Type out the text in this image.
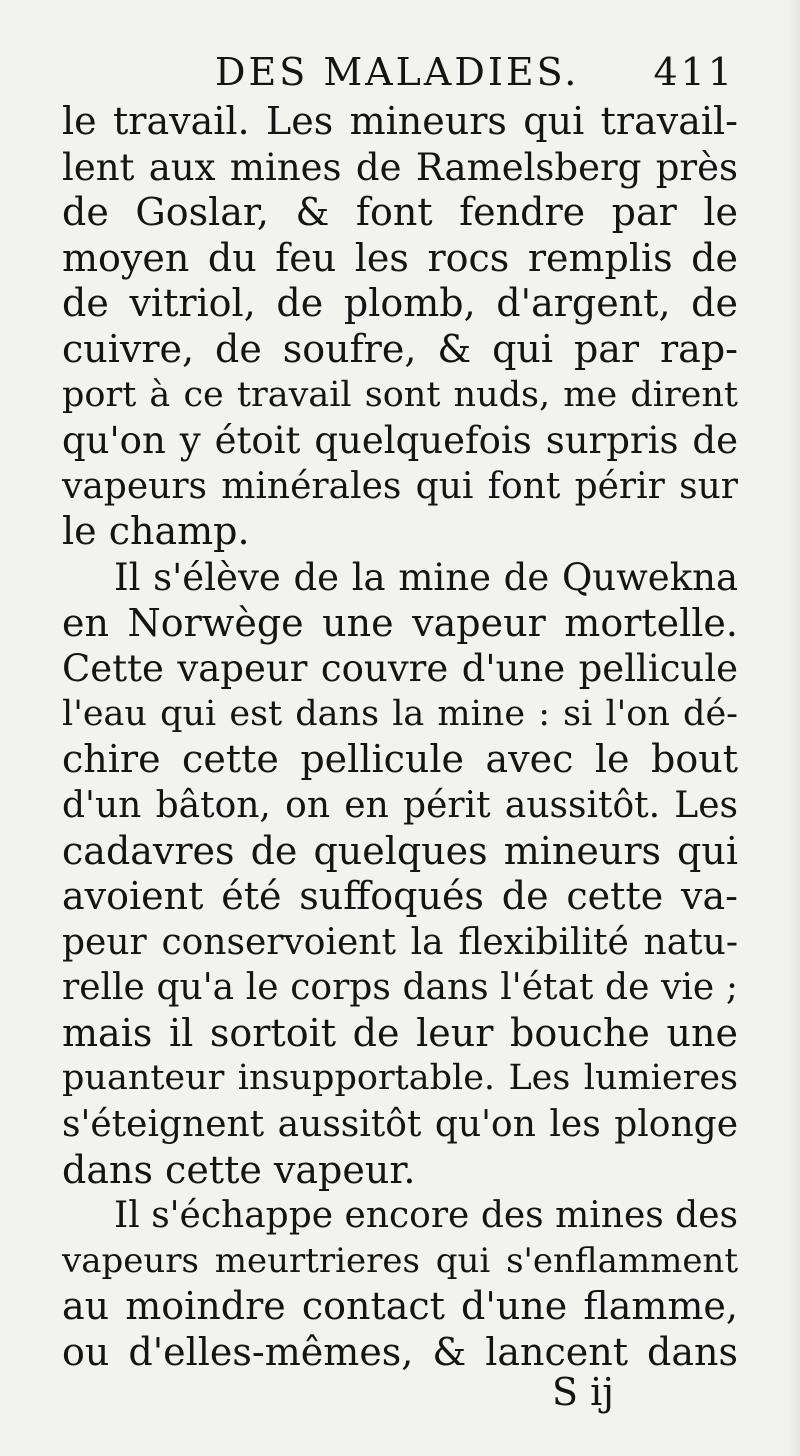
DES MALADIES. 411
le travail. Les mineurs qui travail-
lent aux mines de Ramelsberg près
de Goslar, & font fendre par le
moyen du feu les rocs remplis de
de vitriol, de plomb, d'argent, de
cuivre, de soufre, & qui par rap-
port à ce travail sont nuds, me dirent
qu'on y étoit quelquefois surpris de
vapeurs minérales qui font périr sur
le champ.
Il s'élève de la mine de Quwekna
en Norwège une vapeur mortelle.
Cette vapeur couvre d'une pellicule
l'eau qui est dans la mine : si l'on dé-
chire cette pellicule avec le bout
d'un bâton, on en périt aussitôt. Les
cadavres de quelques mineurs qui
avoient été suffoqués de cette va-
peur conservoient la flexibilité natu-
relle qu'a le corps dans l'état de vie ;
mais il sortoit de leur bouche une
puanteur insupportable. Les lumieres
s'éteignent aussitôt qu'on les plonge
dans cette vapeur.
Il s'échappe encore des mines des
vapeurs meurtrieres qui s'enflamment
au moindre contact d'une flamme,
ou d'elles-mêmes, & lancent dans
S ij
